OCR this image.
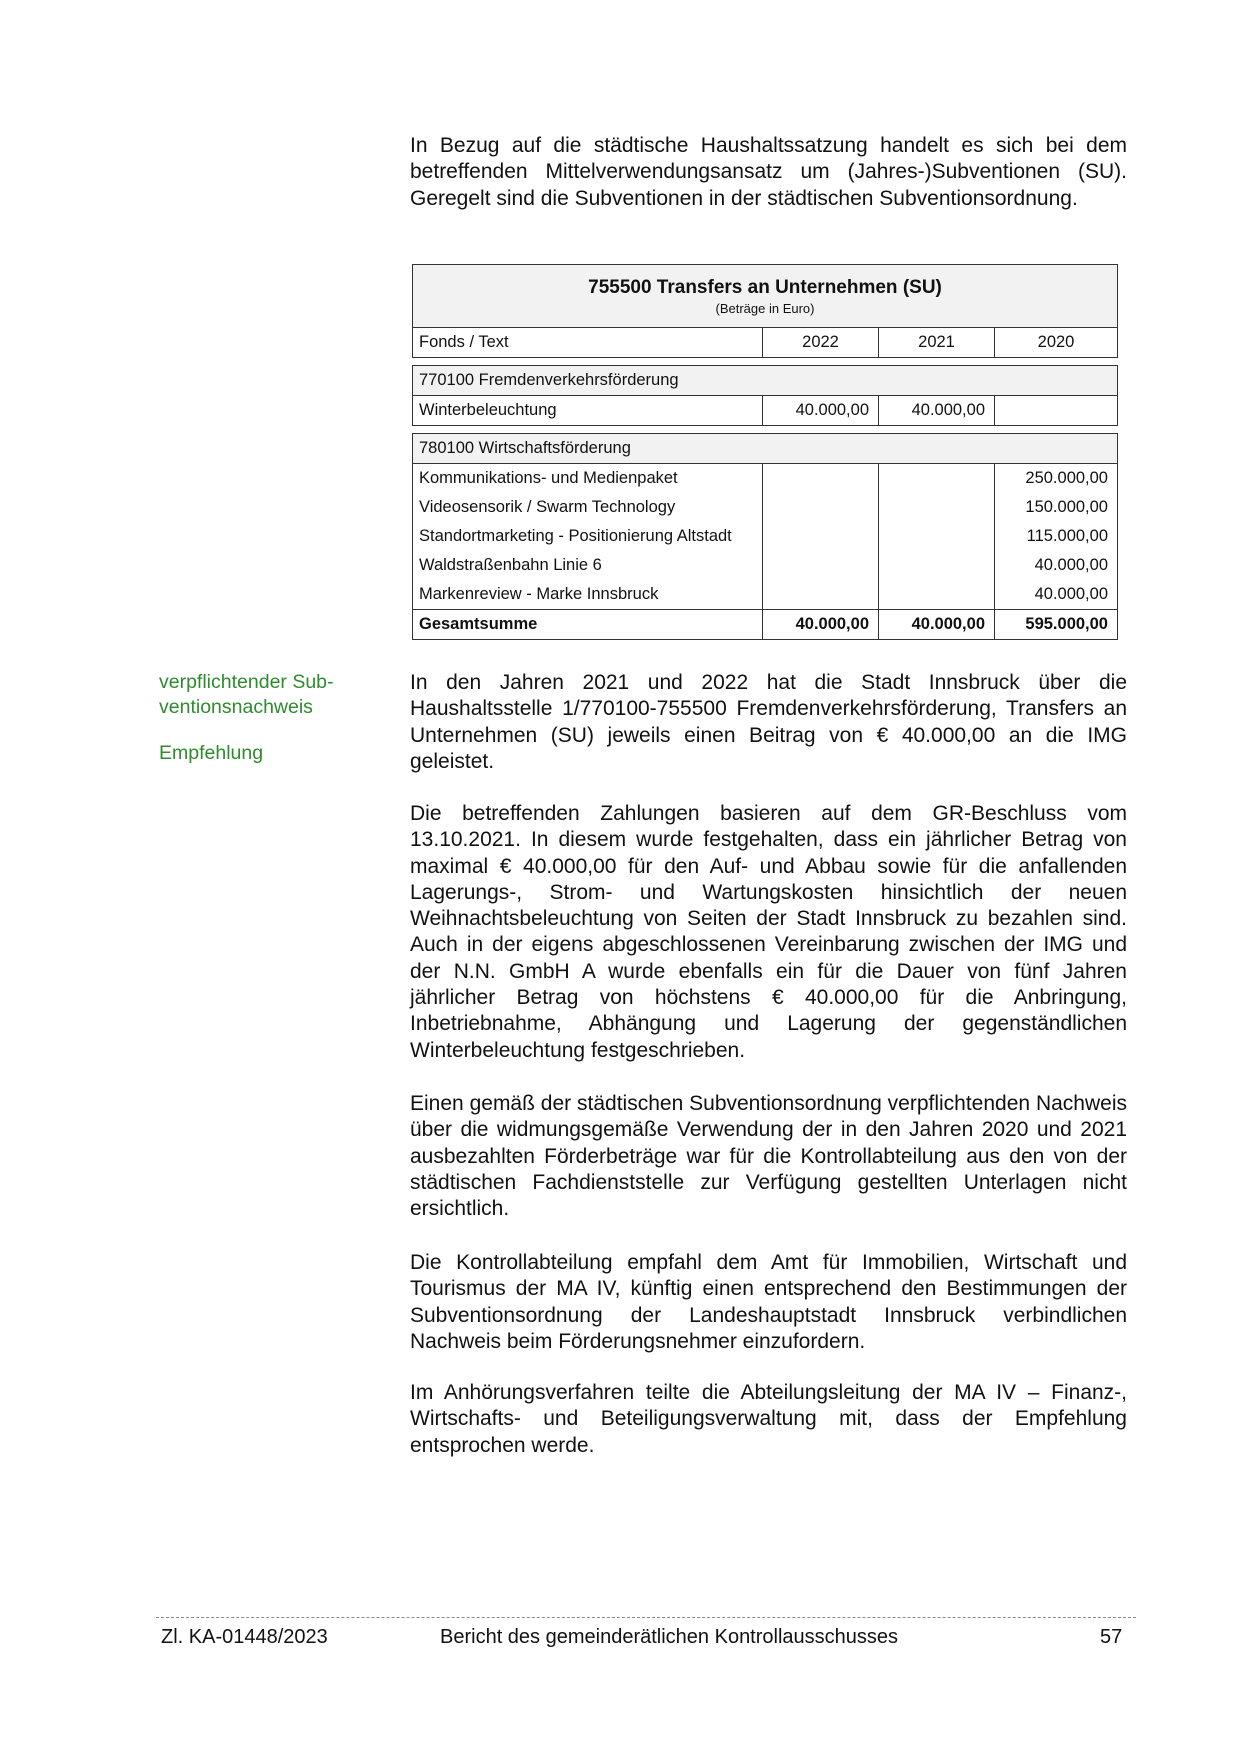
In Bezug auf die städtische Haushaltssatzung handelt es sich bei dem betreffenden Mittelverwendungsansatz um (Jahres-)Subventionen (SU). Geregelt sind die Subventionen in der städtischen Subventionsordnung.

755500 Transfers an Unternehmen (SU)
(Beträge in Euro)			

Fonds / Text	2022	2021	2020

770100 Fremdenverkehrsförderung			
Winterbeleuchtung	40.000,00	40.000,00	

780100 Wirtschaftsförderung			
Kommunikations- und Medienpaket			250.000,00
Videosensorik / Swarm Technology			150.000,00
Standortmarketing - Positionierung Altstadt			115.000,00
Waldstraßenbahn Linie 6			40.000,00
Markenreview - Marke Innsbruck			40.000,00
Gesamtsumme	40.000,00	40.000,00	595.000,00
verpflichtender Subventionsnachweis
Empfehlung

In den Jahren 2021 und 2022 hat die Stadt Innsbruck über die Haushaltsstelle 1/770100-755500 Fremdenverkehrsförderung, Transfers an Unternehmen (SU) jeweils einen Beitrag von € 40.000,00 an die IMG geleistet.

Die betreffenden Zahlungen basieren auf dem GR-Beschluss vom 13.10.2021. In diesem wurde festgehalten, dass ein jährlicher Betrag von maximal € 40.000,00 für den Auf- und Abbau sowie für die anfallenden Lagerungs-, Strom- und Wartungskosten hinsichtlich der neuen Weihnachtsbeleuchtung von Seiten der Stadt Innsbruck zu bezahlen sind. Auch in der eigens abgeschlossenen Vereinbarung zwischen der IMG und der N.N. GmbH A wurde ebenfalls ein für die Dauer von fünf Jahren jährlicher Betrag von höchstens € 40.000,00 für die Anbringung, Inbetriebnahme, Abhängung und Lagerung der gegenständlichen Winterbeleuchtung festgeschrieben.

Einen gemäß der städtischen Subventionsordnung verpflichtenden Nachweis über die widmungsgemäße Verwendung der in den Jahren 2020 und 2021 ausbezahlten Förderbeträge war für die Kontrollabteilung aus den von der städtischen Fachdienststelle zur Verfügung gestellten Unterlagen nicht ersichtlich.

Die Kontrollabteilung empfahl dem Amt für Immobilien, Wirtschaft und Tourismus der MA IV, künftig einen entsprechend den Bestimmungen der Subventionsordnung der Landeshauptstadt Innsbruck verbindlichen Nachweis beim Förderungsnehmer einzufordern.

Im Anhörungsverfahren teilte die Abteilungsleitung der MA IV – Finanz-, Wirtschafts- und Beteiligungsverwaltung mit, dass der Empfehlung entsprochen werde.

Zl. KA-01448/2023	Bericht des gemeinderätlichen Kontrollausschusses	57
